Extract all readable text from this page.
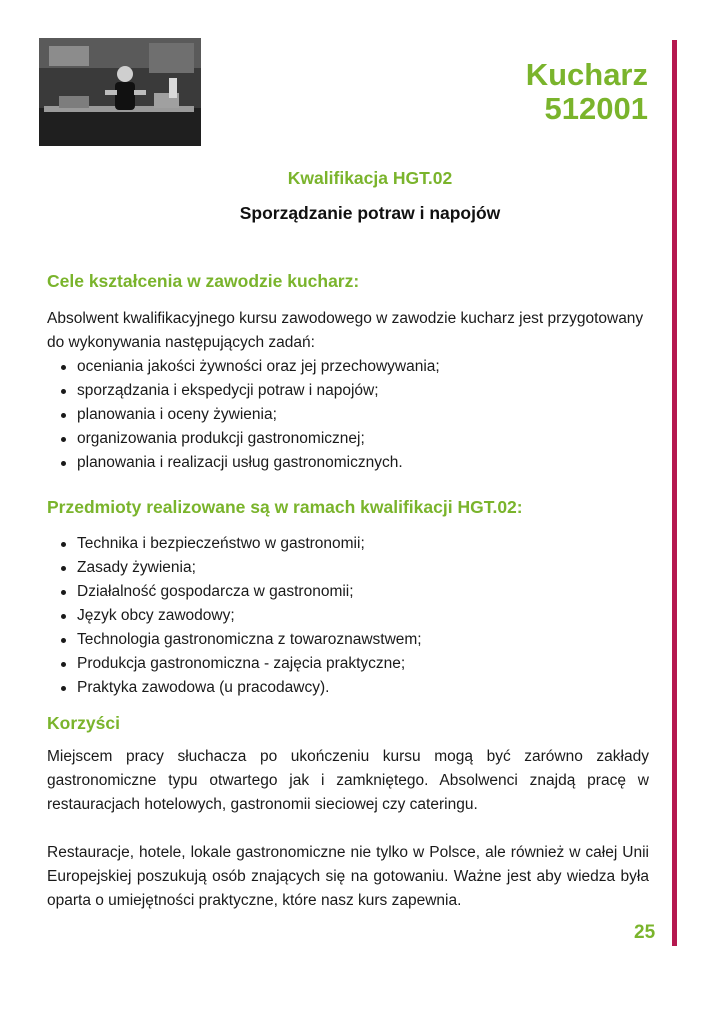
Kucharz
512001
Kwalifikacja HGT.02
Sporządzanie potraw i napojów
Cele kształcenia w zawodzie kucharz:
Absolwent kwalifikacyjnego kursu zawodowego w zawodzie kucharz jest przygotowany do wykonywania następujących zadań:
oceniania jakości żywności oraz jej przechowywania;
sporządzania i ekspedycji potraw i napojów;
planowania i oceny żywienia;
organizowania produkcji gastronomicznej;
planowania i realizacji usług gastronomicznych.
Przedmioty realizowane są w ramach kwalifikacji HGT.02:
Technika i bezpieczeństwo w gastronomii;
Zasady żywienia;
Działalność gospodarcza w gastronomii;
Język obcy zawodowy;
Technologia gastronomiczna z towaroznawstwem;
Produkcja gastronomiczna - zajęcia praktyczne;
Praktyka zawodowa (u pracodawcy).
Korzyści
Miejscem pracy słuchacza po ukończeniu kursu mogą być zarówno zakłady gastronomiczne typu otwartego jak i zamkniętego. Absolwenci znajdą pracę w restauracjach hotelowych, gastronomii sieciowej czy cateringu.
Restauracje, hotele, lokale gastronomiczne nie tylko w Polsce, ale również w całej Unii Europejskiej poszukują osób znających się na gotowaniu. Ważne jest aby wiedza była oparta o umiejętności praktyczne, które nasz kurs zapewnia.
25
